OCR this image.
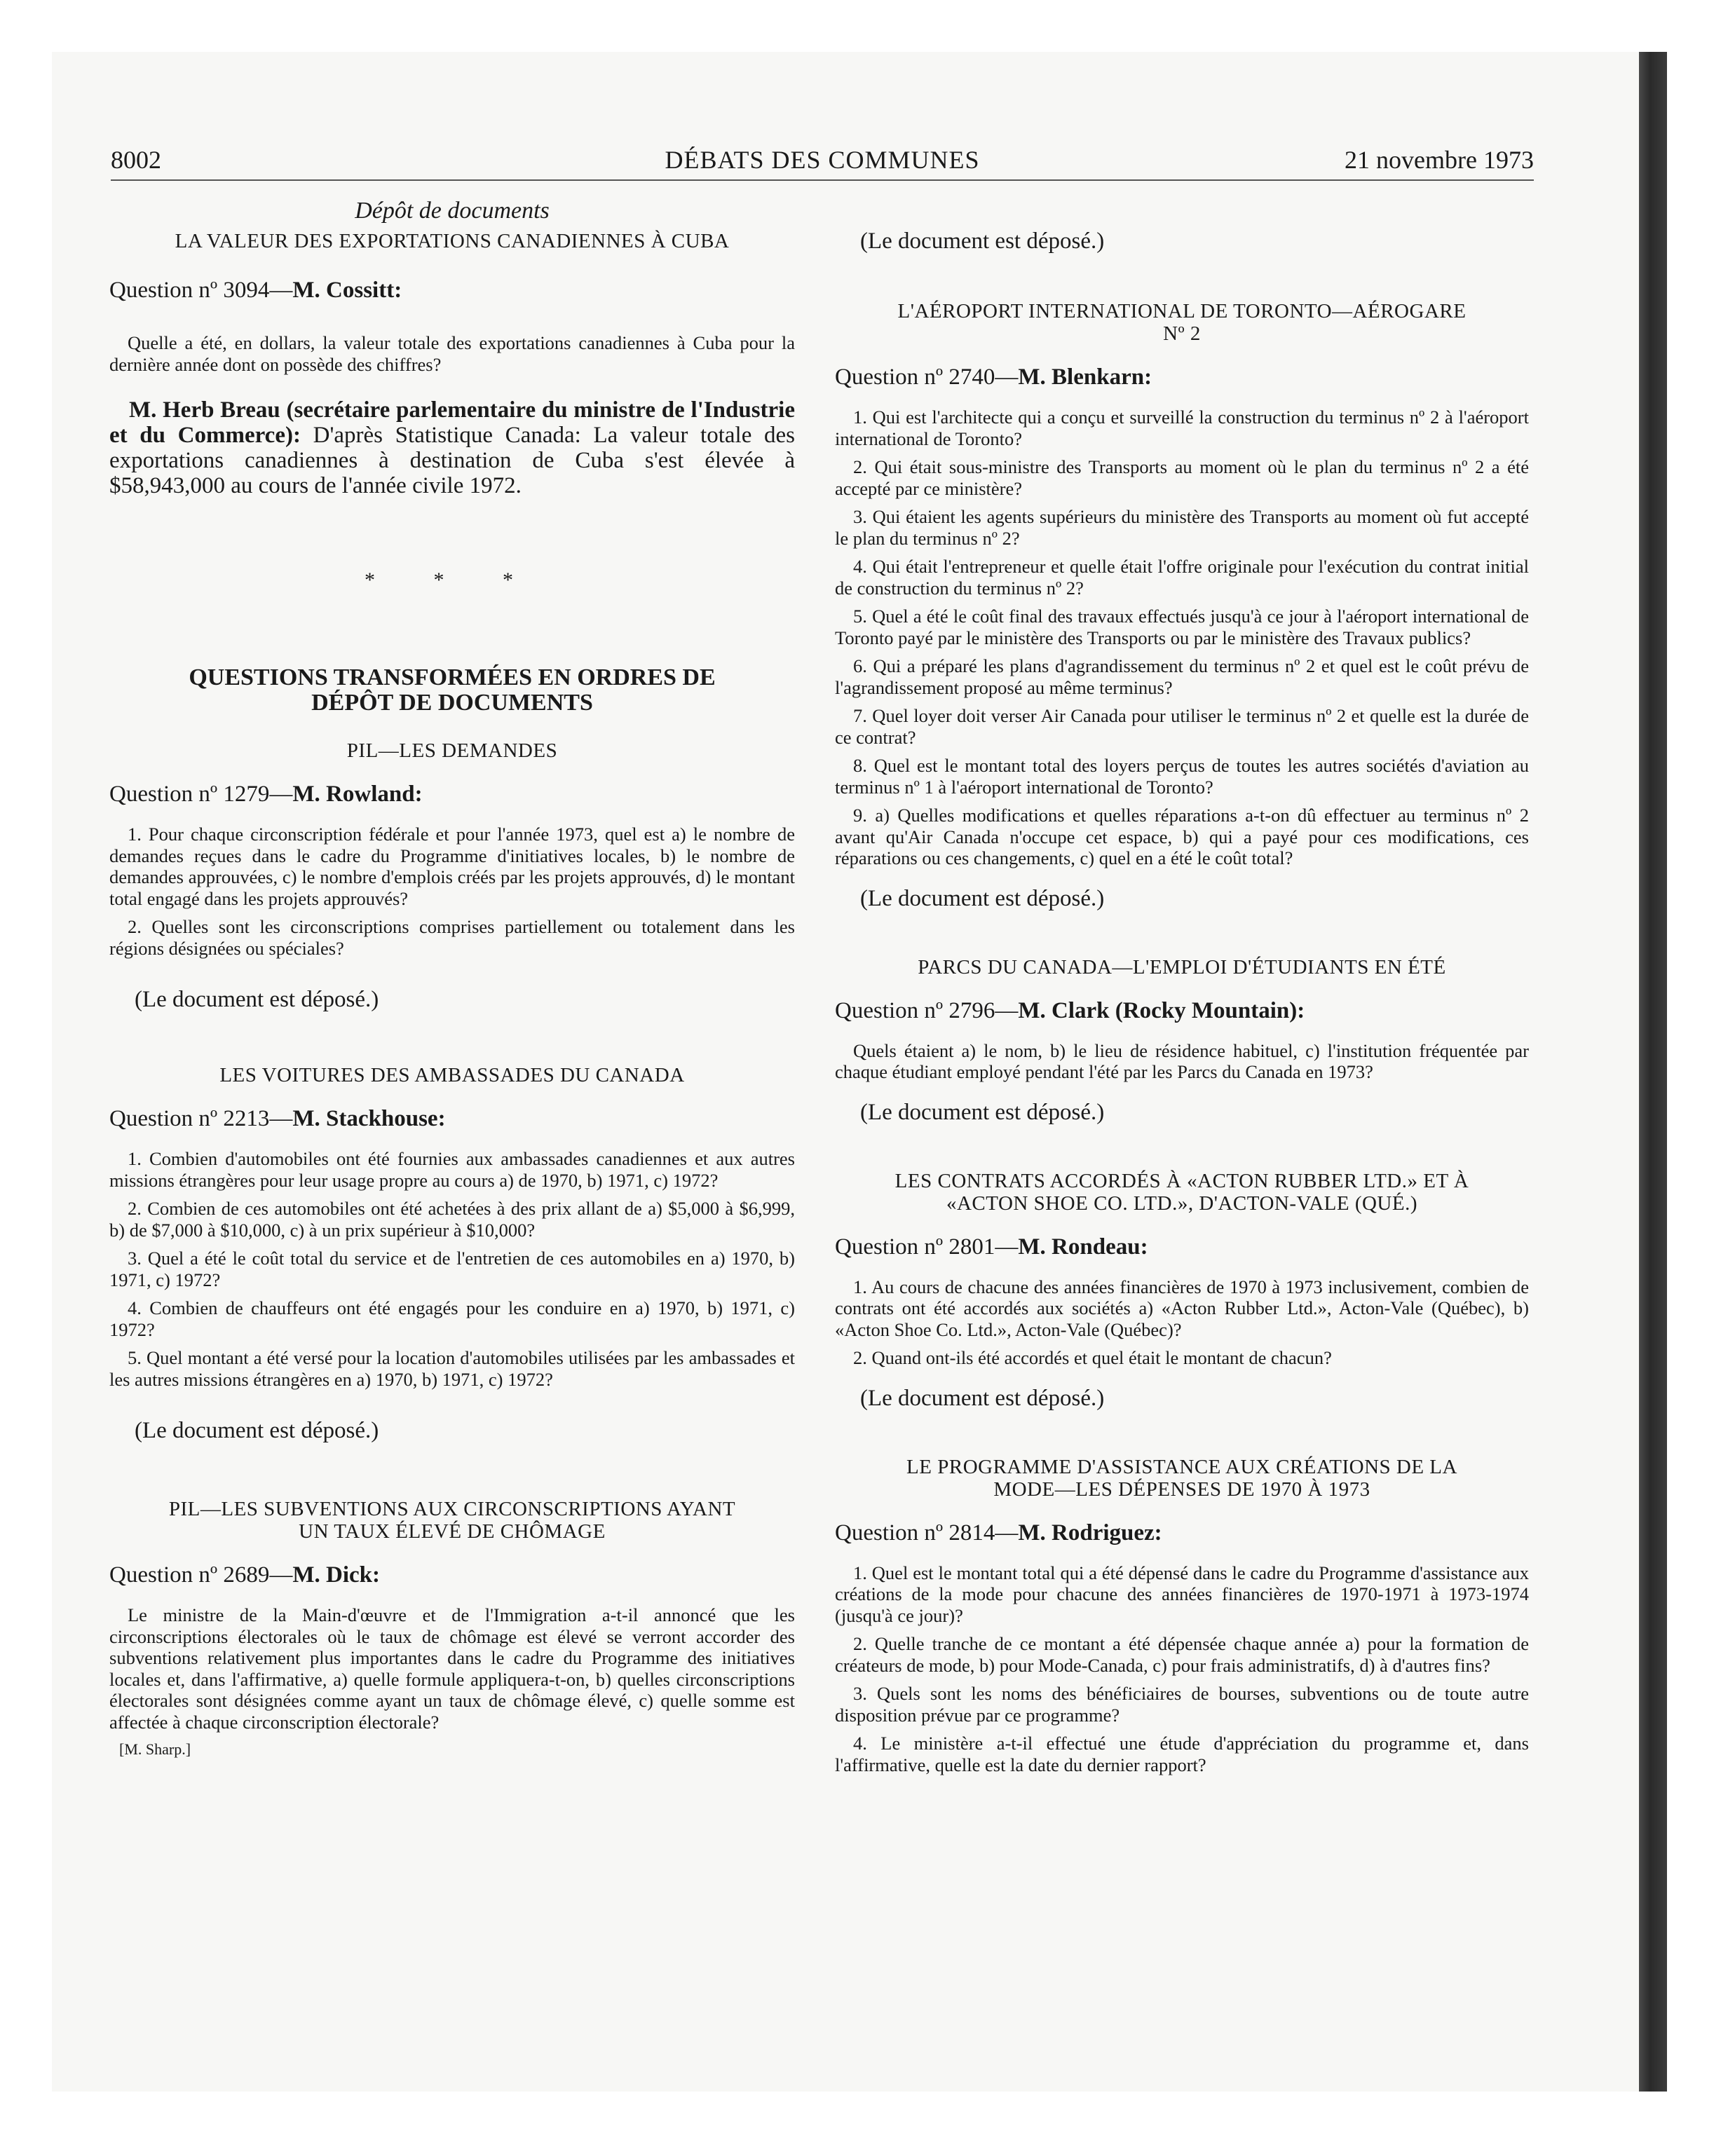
8002	DÉBATS DES COMMUNES	21 novembre 1973
Dépôt de documents

LA VALEUR DES EXPORTATIONS CANADIENNES À CUBA

Question nº 3094—M. Cossitt:

Quelle a été, en dollars, la valeur totale des exportations canadiennes à Cuba pour la dernière année dont on possède des chiffres?

M. Herb Breau (secrétaire parlementaire du ministre de l'Industrie et du Commerce): D'après Statistique Canada: La valeur totale des exportations canadiennes à destination de Cuba s'est élevée à $58,943,000 au cours de l'année civile 1972.

* * *

QUESTIONS TRANSFORMÉES EN ORDRES DE

DÉPÔT DE DOCUMENTS

PIL—LES DEMANDES

Question nº 1279—M. Rowland:

1. Pour chaque circonscription fédérale et pour l'année 1973, quel est a) le nombre de demandes reçues dans le cadre du Programme d'initiatives locales, b) le nombre de demandes approuvées, c) le nombre d'emplois créés par les projets approuvés, d) le montant total engagé dans les projets approuvés?

2. Quelles sont les circonscriptions comprises partiellement ou totalement dans les régions désignées ou spéciales?

(Le document est déposé.)

LES VOITURES DES AMBASSADES DU CANADA

Question nº 2213—M. Stackhouse:

1. Combien d'automobiles ont été fournies aux ambassades canadiennes et aux autres missions étrangères pour leur usage propre au cours a) de 1970, b) 1971, c) 1972?

2. Combien de ces automobiles ont été achetées à des prix allant de a) $5,000 à $6,999, b) de $7,000 à $10,000, c) à un prix supérieur à $10,000?

3. Quel a été le coût total du service et de l'entretien de ces automobiles en a) 1970, b) 1971, c) 1972?

4. Combien de chauffeurs ont été engagés pour les conduire en a) 1970, b) 1971, c) 1972?

5. Quel montant a été versé pour la location d'automobiles utilisées par les ambassades et les autres missions étrangères en a) 1970, b) 1971, c) 1972?

(Le document est déposé.)

PIL—LES SUBVENTIONS AUX CIRCONSCRIPTIONS AYANT

UN TAUX ÉLEVÉ DE CHÔMAGE

Question nº 2689—M. Dick:

Le ministre de la Main-d'œuvre et de l'Immigration a-t-il annoncé que les circonscriptions électorales où le taux de chômage est élevé se verront accorder des subventions relativement plus importantes dans le cadre du Programme des initiatives locales et, dans l'affirmative, a) quelle formule appliquera-t-on, b) quelles circonscriptions électorales sont désignées comme ayant un taux de chômage élevé, c) quelle somme est affectée à chaque circonscription électorale?

[M. Sharp.]

(Le document est déposé.)

L'AÉROPORT INTERNATIONAL DE TORONTO—AÉROGARE

Nº 2

Question nº 2740—M. Blenkarn:

1. Qui est l'architecte qui a conçu et surveillé la construction du terminus nº 2 à l'aéroport international de Toronto?

2. Qui était sous-ministre des Transports au moment où le plan du terminus nº 2 a été accepté par ce ministère?

3. Qui étaient les agents supérieurs du ministère des Transports au moment où fut accepté le plan du terminus nº 2?

4. Qui était l'entrepreneur et quelle était l'offre originale pour l'exécution du contrat initial de construction du terminus nº 2?

5. Quel a été le coût final des travaux effectués jusqu'à ce jour à l'aéroport international de Toronto payé par le ministère des Transports ou par le ministère des Travaux publics?

6. Qui a préparé les plans d'agrandissement du terminus nº 2 et quel est le coût prévu de l'agrandissement proposé au même terminus?

7. Quel loyer doit verser Air Canada pour utiliser le terminus nº 2 et quelle est la durée de ce contrat?

8. Quel est le montant total des loyers perçus de toutes les autres sociétés d'aviation au terminus nº 1 à l'aéroport international de Toronto?

9. a) Quelles modifications et quelles réparations a-t-on dû effectuer au terminus nº 2 avant qu'Air Canada n'occupe cet espace, b) qui a payé pour ces modifications, ces réparations ou ces changements, c) quel en a été le coût total?

(Le document est déposé.)

PARCS DU CANADA—L'EMPLOI D'ÉTUDIANTS EN ÉTÉ

Question nº 2796—M. Clark (Rocky Mountain):

Quels étaient a) le nom, b) le lieu de résidence habituel, c) l'institution fréquentée par chaque étudiant employé pendant l'été par les Parcs du Canada en 1973?

(Le document est déposé.)

LES CONTRATS ACCORDÉS À «ACTON RUBBER LTD.» ET À

«ACTON SHOE CO. LTD.», D'ACTON-VALE (QUÉ.)

Question nº 2801—M. Rondeau:

1. Au cours de chacune des années financières de 1970 à 1973 inclusivement, combien de contrats ont été accordés aux sociétés a) «Acton Rubber Ltd.», Acton-Vale (Québec), b) «Acton Shoe Co. Ltd.», Acton-Vale (Québec)?

2. Quand ont-ils été accordés et quel était le montant de chacun?

(Le document est déposé.)

LE PROGRAMME D'ASSISTANCE AUX CRÉATIONS DE LA

MODE—LES DÉPENSES DE 1970 À 1973

Question nº 2814—M. Rodriguez:

1. Quel est le montant total qui a été dépensé dans le cadre du Programme d'assistance aux créations de la mode pour chacune des années financières de 1970-1971 à 1973-1974 (jusqu'à ce jour)?

2. Quelle tranche de ce montant a été dépensée chaque année a) pour la formation de créateurs de mode, b) pour Mode-Canada, c) pour frais administratifs, d) à d'autres fins?

3. Quels sont les noms des bénéficiaires de bourses, subventions ou de toute autre disposition prévue par ce programme?

4. Le ministère a-t-il effectué une étude d'appréciation du programme et, dans l'affirmative, quelle est la date du dernier rapport?
